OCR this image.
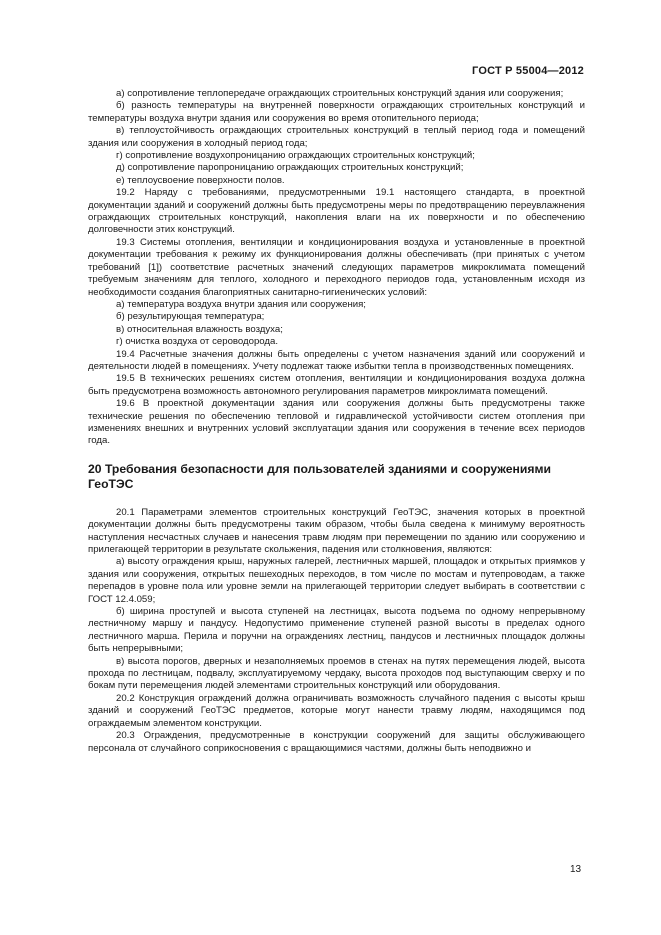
ГОСТ Р 55004—2012

а) сопротивление теплопередаче ограждающих строительных конструкций здания или сооружения;

б) разность температуры на внутренней поверхности ограждающих строительных конструкций и температуры воздуха внутри здания или сооружения во время отопительного периода;

в) теплоустойчивость ограждающих строительных конструкций в теплый период года и помещений здания или сооружения в холодный период года;

г) сопротивление воздухопроницанию ограждающих строительных конструкций;

д) сопротивление паропроницанию ограждающих строительных конструкций;

е) теплоусвоение поверхности полов.

19.2 Наряду с требованиями, предусмотренными 19.1 настоящего стандарта, в проектной документации зданий и сооружений должны быть предусмотрены меры по предотвращению переувлажнения ограждающих строительных конструкций, накопления влаги на их поверхности и по обеспечению долговечности этих конструкций.

19.3 Системы отопления, вентиляции и кондиционирования воздуха и установленные в проектной документации требования к режиму их функционирования должны обеспечивать (при принятых с учетом требований [1]) соответствие расчетных значений следующих параметров микроклимата помещений требуемым значениям для теплого, холодного и переходного периодов года, установленным исходя из необходимости создания благоприятных санитарно-гигиенических условий:

а) температура воздуха внутри здания или сооружения;

б) результирующая температура;

в) относительная влажность воздуха;

г) очистка воздуха от сероводорода.

19.4 Расчетные значения должны быть определены с учетом назначения зданий или сооружений и деятельности людей в помещениях. Учету подлежат также избытки тепла в производственных помещениях.

19.5 В технических решениях систем отопления, вентиляции и кондиционирования воздуха должна быть предусмотрена возможность автономного регулирования параметров микроклимата помещений.

19.6 В проектной документации здания или сооружения должны быть предусмотрены также технические решения по обеспечению тепловой и гидравлической устойчивости систем отопления при изменениях внешних и внутренних условий эксплуатации здания или сооружения в течение всех периодов года.

20 Требования безопасности для пользователей зданиями и сооружениями ГеоТЭС

20.1 Параметрами элементов строительных конструкций ГеоТЭС, значения которых в проектной документации должны быть предусмотрены таким образом, чтобы была сведена к минимуму вероятность наступления несчастных случаев и нанесения травм людям при перемещении по зданию или сооружению и прилегающей территории в результате скольжения, падения или столкновения, являются:

а) высоту ограждения крыш, наружных галерей, лестничных маршей, площадок и открытых приямков у здания или сооружения, открытых пешеходных переходов, в том числе по мостам и путепроводам, а также перепадов в уровне пола или уровне земли на прилегающей территории следует выбирать в соответствии с ГОСТ 12.4.059;

б) ширина проступей и высота ступеней на лестницах, высота подъема по одному непрерывному лестничному маршу и пандусу. Недопустимо применение ступеней разной высоты в пределах одного лестничного марша. Перила и поручни на ограждениях лестниц, пандусов и лестничных площадок должны быть непрерывными;

в) высота порогов, дверных и незаполняемых проемов в стенах на путях перемещения людей, высота прохода по лестницам, подвалу, эксплуатируемому чердаку, высота проходов под выступающим сверху и по бокам пути перемещения людей элементами строительных конструкций или оборудования.

20.2 Конструкция ограждений должна ограничивать возможность случайного падения с высоты крыш зданий и сооружений ГеоТЭС предметов, которые могут нанести травму людям, находящимся под ограждаемым элементом конструкции.

20.3 Ограждения, предусмотренные в конструкции сооружений для защиты обслуживающего персонала от случайного соприкосновения с вращающимися частями, должны быть неподвижно и

13
